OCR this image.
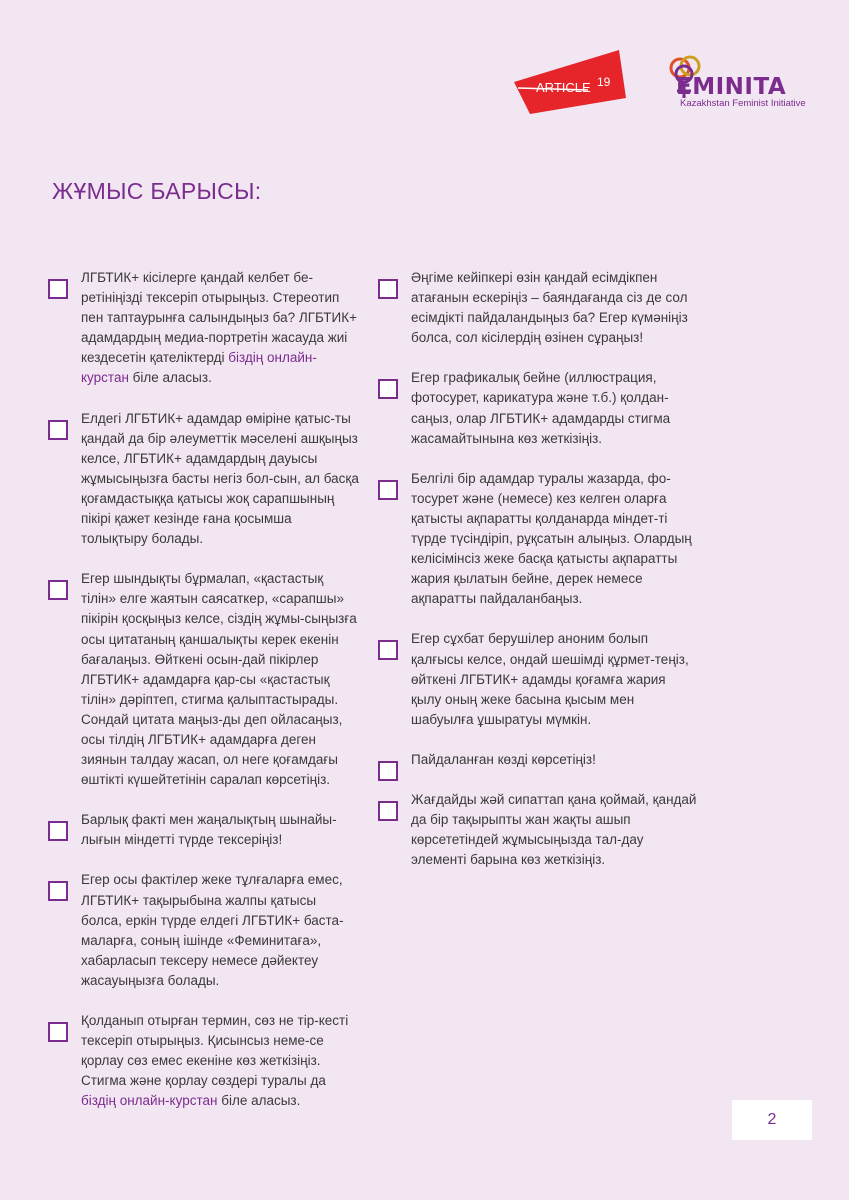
ARTICLE 19	EMINITA
Kazakhstan Feminist Initiative
ЖҰМЫС БАРЫСЫ:

ЛГБТИК+ кісілерге қандай келбет бе-ретініңізді тексеріп отырыңыз. Стереотип пен таптаурынға салындыңыз ба? ЛГБТИК+ адамдардың медиа-портретін жасауда жиі кездесетін қателіктерді біздің онлайн-курстан біле аласыз.

Елдегі ЛГБТИК+ адамдар өміріне қатыс-ты қандай да бір әлеуметтік мәселені ашқыңыз келсе, ЛГБТИК+ адамдардың дауысы жұмысыңызға басты негіз бол-сын, ал басқа қоғамдастыққа қатысы жоқ сарапшының пікірі қажет кезінде ғана қосымша толықтыру болады.

Егер шындықты бұрмалап, «қастастық тілін» елге жаятын саясаткер, «сарапшы» пікірін қосқыңыз келсе, сіздің жұмы-сыңызға осы цитатаның қаншалықты керек екенін бағалаңыз. Өйткені осын-дай пікірлер ЛГБТИК+ адамдарға қар-сы «қастастық тілін» дәріптеп, стигма қалыптастырады. Сондай цитата маңыз-ды деп ойласаңыз, осы тілдің ЛГБТИК+ адамдарға деген зиянын талдау жасап, ол неге қоғамдағы өштікті күшейтетінін саралап көрсетіңіз.

Барлық факті мен жаңалықтың шынайы-лығын міндетті түрде тексеріңіз!

Егер осы фактілер жеке тұлғаларға емес, ЛГБТИК+ тақырыбына жалпы қатысы болса, еркін түрде елдегі ЛГБТИК+ баста-маларға, соның ішінде «Феминитаға», хабарласып тексеру немесе дәйектеу жасауыңызға болады.

Қолданып отырған термин, сөз не тір-кесті тексеріп отырыңыз. Қисынсыз неме-се қорлау сөз емес екеніне көз жеткізіңіз. Стигма және қорлау сөздері туралы да біздің онлайн-курстан біле аласыз.

Әңгіме кейіпкері өзін қандай есімдікпен атағанын ескеріңіз – баяндағанда сіз де сол есімдікті пайдаландыңыз ба? Егер күмәніңіз болса, сол кісілердің өзінен сұраңыз!

Егер графикалық бейне (иллюстрация, фотосурет, карикатура және т.б.) қолдан-саңыз, олар ЛГБТИК+ адамдарды стигма жасамайтынына көз жеткізіңіз.

Белгілі бір адамдар туралы жазарда, фо-тосурет және (немесе) кез келген оларға қатысты ақпаратты қолданарда міндет-ті түрде түсіндіріп, рұқсатын алыңыз. Олардың келісімінсіз жеке басқа қатысты ақпаратты жария қылатын бейне, дерек немесе ақпаратты пайдаланбаңыз.

Егер сұхбат берушілер аноним болып қалғысы келсе, ондай шешімді құрмет-теңіз, өйткені ЛГБТИК+ адамды қоғамға жария қылу оның жеке басына қысым мен шабуылға ұшыратуы мүмкін.

Пайдаланған көзді көрсетіңіз!

Жағдайды жәй сипаттап қана қоймай, қандай да бір тақырыпты жан жақты ашып көрсететіндей жұмысыңызда тал-дау элементі барына көз жеткізіңіз.

2
